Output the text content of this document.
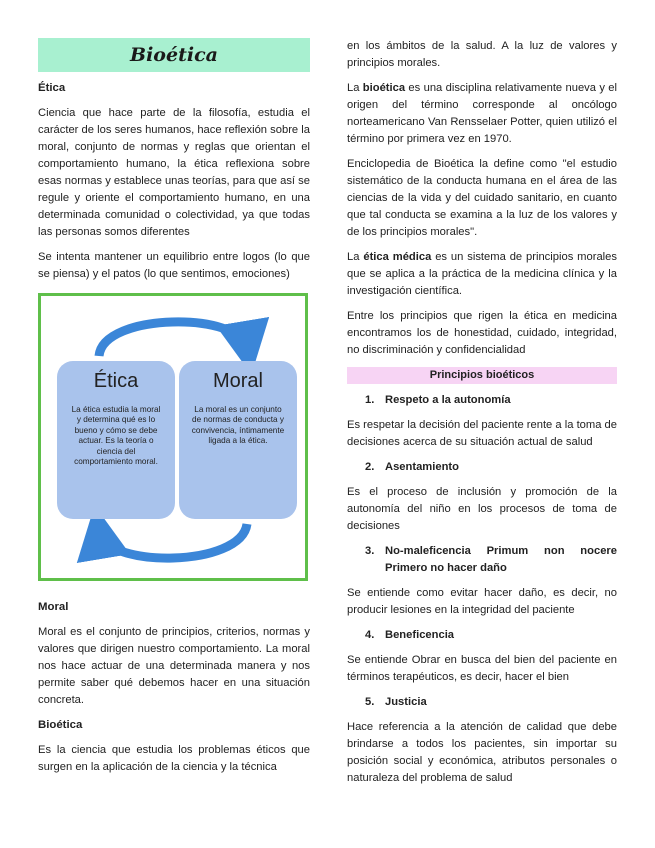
Bioética
Ética

Ciencia que hace parte de la filosofía, estudia el carácter de los seres humanos, hace reflexión sobre la moral, conjunto de normas y reglas que orientan el comportamiento humano, la ética reflexiona sobre esas normas y establece unas teorías, para que así se regule y oriente el comportamiento humano, en una determinada comunidad o colectividad, ya que todas las personas somos diferentes

Se intenta mantener un equilibrio entre logos (lo que se piensa) y el patos (lo que sentimos, emociones)

Ética
La ética estudia la moral y determina qué es lo bueno y cómo se debe actuar. Es la teoría o ciencia del comportamiento moral.
Moral
La moral es un conjunto de normas de conducta y convivencia, íntimamente ligada a la ética.
Moral

Moral es el conjunto de principios, criterios, normas y valores que dirigen nuestro comportamiento. La moral nos hace actuar de una determinada manera y nos permite saber qué debemos hacer en una situación concreta.

Bioética

Es la ciencia que estudia los problemas éticos que surgen en la aplicación de la ciencia y la técnica

en los ámbitos de la salud. A la luz de valores y principios morales.

La bioética es una disciplina relativamente nueva y el origen del término corresponde al oncólogo norteamericano Van Rensselaer Potter, quien utilizó el término por primera vez en 1970.

Enciclopedia de Bioética la define como "el estudio sistemático de la conducta humana en el área de las ciencias de la vida y del cuidado sanitario, en cuanto que tal conducta se examina a la luz de los valores y de los principios morales".

La ética médica es un sistema de principios morales que se aplica a la práctica de la medicina clínica y la investigación científica.

Entre los principios que rigen la ética en medicina encontramos los de honestidad, cuidado, integridad, no discriminación y confidencialidad

Principios bioéticos
1. Respeto a la autonomía

Es respetar la decisión del paciente rente a la toma de decisiones acerca de su situación actual de salud

2. Asentamiento

Es el proceso de inclusión y promoción de la autonomía del niño en los procesos de toma de decisiones

3. No-maleficencia Primum non nocere Primero no hacer daño

Se entiende como evitar hacer daño, es decir, no producir lesiones en la integridad del paciente

4. Beneficencia

Se entiende Obrar en busca del bien del paciente en términos terapéuticos, es decir, hacer el bien

5. Justicia

Hace referencia a la atención de calidad que debe brindarse a todos los pacientes, sin importar su posición social y económica, atributos personales o naturaleza del problema de salud
